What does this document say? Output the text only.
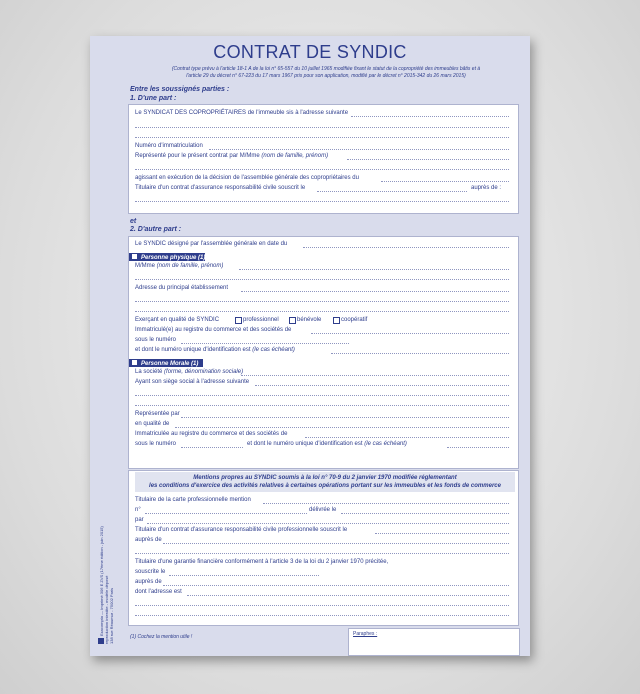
CONTRAT DE SYNDIC
(Contrat type prévu à l'article 18-1 A de la loi n° 65-557 du 10 juillet 1965 modifiée fixant le statut de la copropriété des immeubles bâtis et à
l'article 29 du décret n° 67-223 du 17 mars 1967 pris pour son application, modifié par le décret n° 2015-342 du 26 mars 2015)
Entre les soussignés parties :
1. D'une part :
Le SYNDICAT DES COPROPRIÉTAIRES de l'immeuble sis à l'adresse suivante
Numéro d'immatriculation
Représenté pour le présent contrat par M/Mme (nom de famille, prénom)
agissant en exécution de la décision de l'assemblée générale des copropriétaires du
Titulaire d'un contrat d'assurance responsabilité civile souscrit le	auprès de :
et
2. D'autre part :
Le SYNDIC désigné par l'assemblée générale en date du
Personne physique (1)
M/Mme (nom de famille, prénom)
Adresse du principal établissement
Exerçant en qualité de SYNDIC	professionnel	bénévole	coopératif
Immatriculé(e) au registre du commerce et des sociétés de
sous le numéro
et dont le numéro unique d'identification est (le cas échéant)
Personne Morale (1)
La société (forme, dénomination sociale)
Ayant son siège social à l'adresse suivante
Représentée par
en qualité de
Immatriculée au registre du commerce et des sociétés de
sous le numéro	et dont le numéro unique d'identification est (le cas échéant)
Mentions propres au SYNDIC soumis à la loi n° 70-9 du 2 janvier 1970 modifiée réglementant
les conditions d'exercice des activités relatives à certaines opérations portant sur les immeubles et les fonds de commerce
Titulaire de la carte professionnelle mention
n°	délivrée le
par
Titulaire d'un contrat d'assurance responsabilité civile professionnelle souscrit le
auprès de
Titulaire d'une garantie financière conformément à l'article 3 de la loi du 2 janvier 1970 précitée,
souscrite le
auprès de
dont l'adresse est
(1) Cochez la mention utile !	Paraphes :
Exacompta — Imprimé 306 E ZVS (17ème édition - juin 2015) reproduction interdite - modèle déposé 138 rue Réaumur - 75002 Paris
